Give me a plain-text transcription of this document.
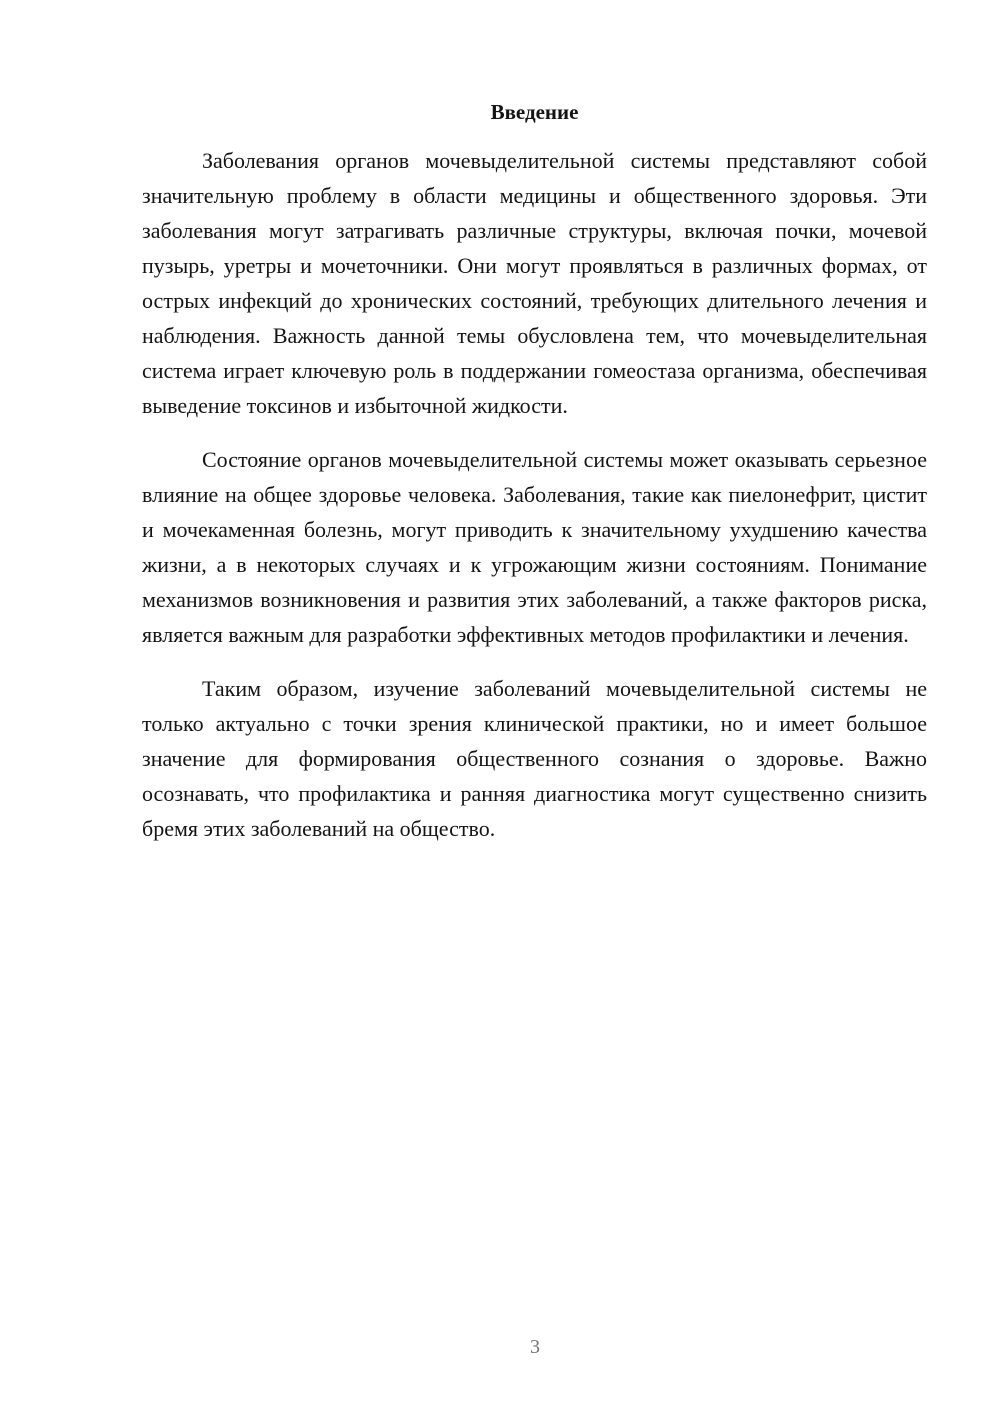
Введение

Заболевания органов мочевыделительной системы представляют собой значительную проблему в области медицины и общественного здоровья. Эти заболевания могут затрагивать различные структуры, включая почки, мочевой пузырь, уретры и мочеточники. Они могут проявляться в различных формах, от острых инфекций до хронических состояний, требующих длительного лечения и наблюдения. Важность данной темы обусловлена тем, что мочевыделительная система играет ключевую роль в поддержании гомеостаза организма, обеспечивая выведение токсинов и избыточной жидкости.

Состояние органов мочевыделительной системы может оказывать серьезное влияние на общее здоровье человека. Заболевания, такие как пиелонефрит, цистит и мочекаменная болезнь, могут приводить к значительному ухудшению качества жизни, а в некоторых случаях и к угрожающим жизни состояниям. Понимание механизмов возникновения и развития этих заболеваний, а также факторов риска, является важным для разработки эффективных методов профилактики и лечения.

Таким образом, изучение заболеваний мочевыделительной системы не только актуально с точки зрения клинической практики, но и имеет большое значение для формирования общественного сознания о здоровье. Важно осознавать, что профилактика и ранняя диагностика могут существенно снизить бремя этих заболеваний на общество.

3
